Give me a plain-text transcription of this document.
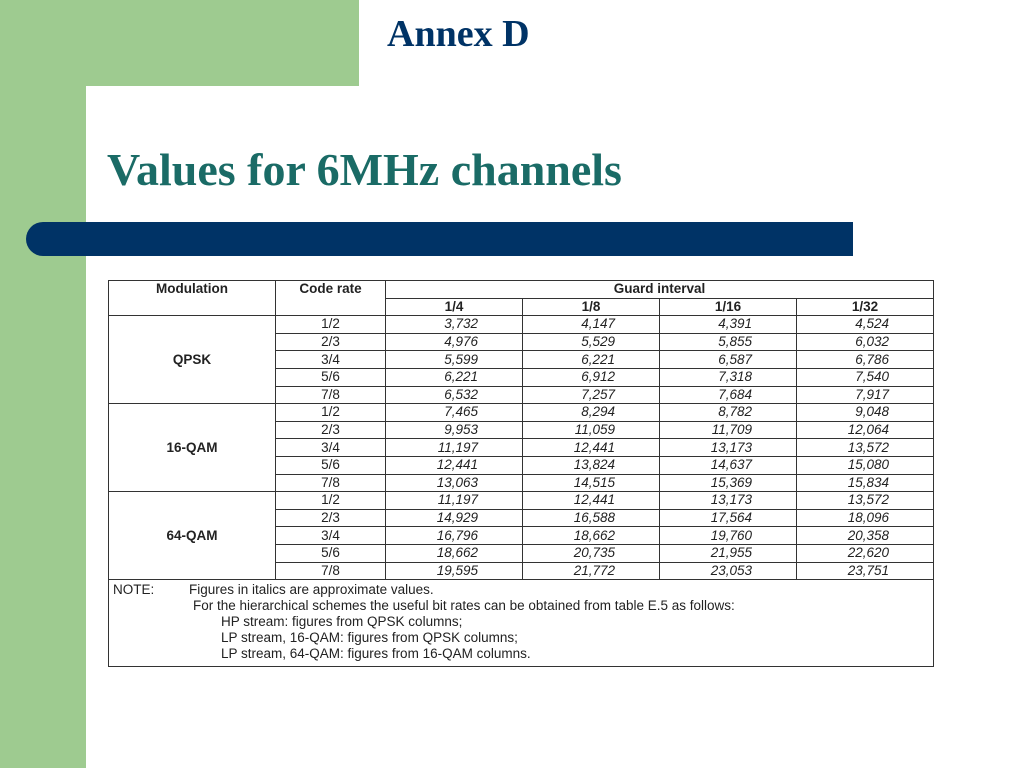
Annex D
Values for 6MHz channels
Modulation	Code rate	Guard interval			
		1/4	1/8	1/16	1/32
QPSK	1/2	3,732	4,147	4,391	4,524
	2/3	4,976	5,529	5,855	6,032
	3/4	5,599	6,221	6,587	6,786
	5/6	6,221	6,912	7,318	7,540
	7/8	6,532	7,257	7,684	7,917
16-QAM	1/2	7,465	8,294	8,782	9,048
	2/3	9,953	11,059	11,709	12,064
	3/4	11,197	12,441	13,173	13,572
	5/6	12,441	13,824	14,637	15,080
	7/8	13,063	14,515	15,369	15,834
64-QAM	1/2	11,197	12,441	13,173	13,572
	2/3	14,929	16,588	17,564	18,096
	3/4	16,796	18,662	19,760	20,358
	5/6	18,662	20,735	21,955	22,620
	7/8	19,595	21,772	23,053	23,751

NOTE: Figures in italics are approximate values.
For the hierarchical schemes the useful bit rates can be obtained from table E.5 as follows:
HP stream: figures from QPSK columns;
LP stream, 16-QAM: figures from QPSK columns;
LP stream, 64-QAM: figures from 16-QAM columns.					
